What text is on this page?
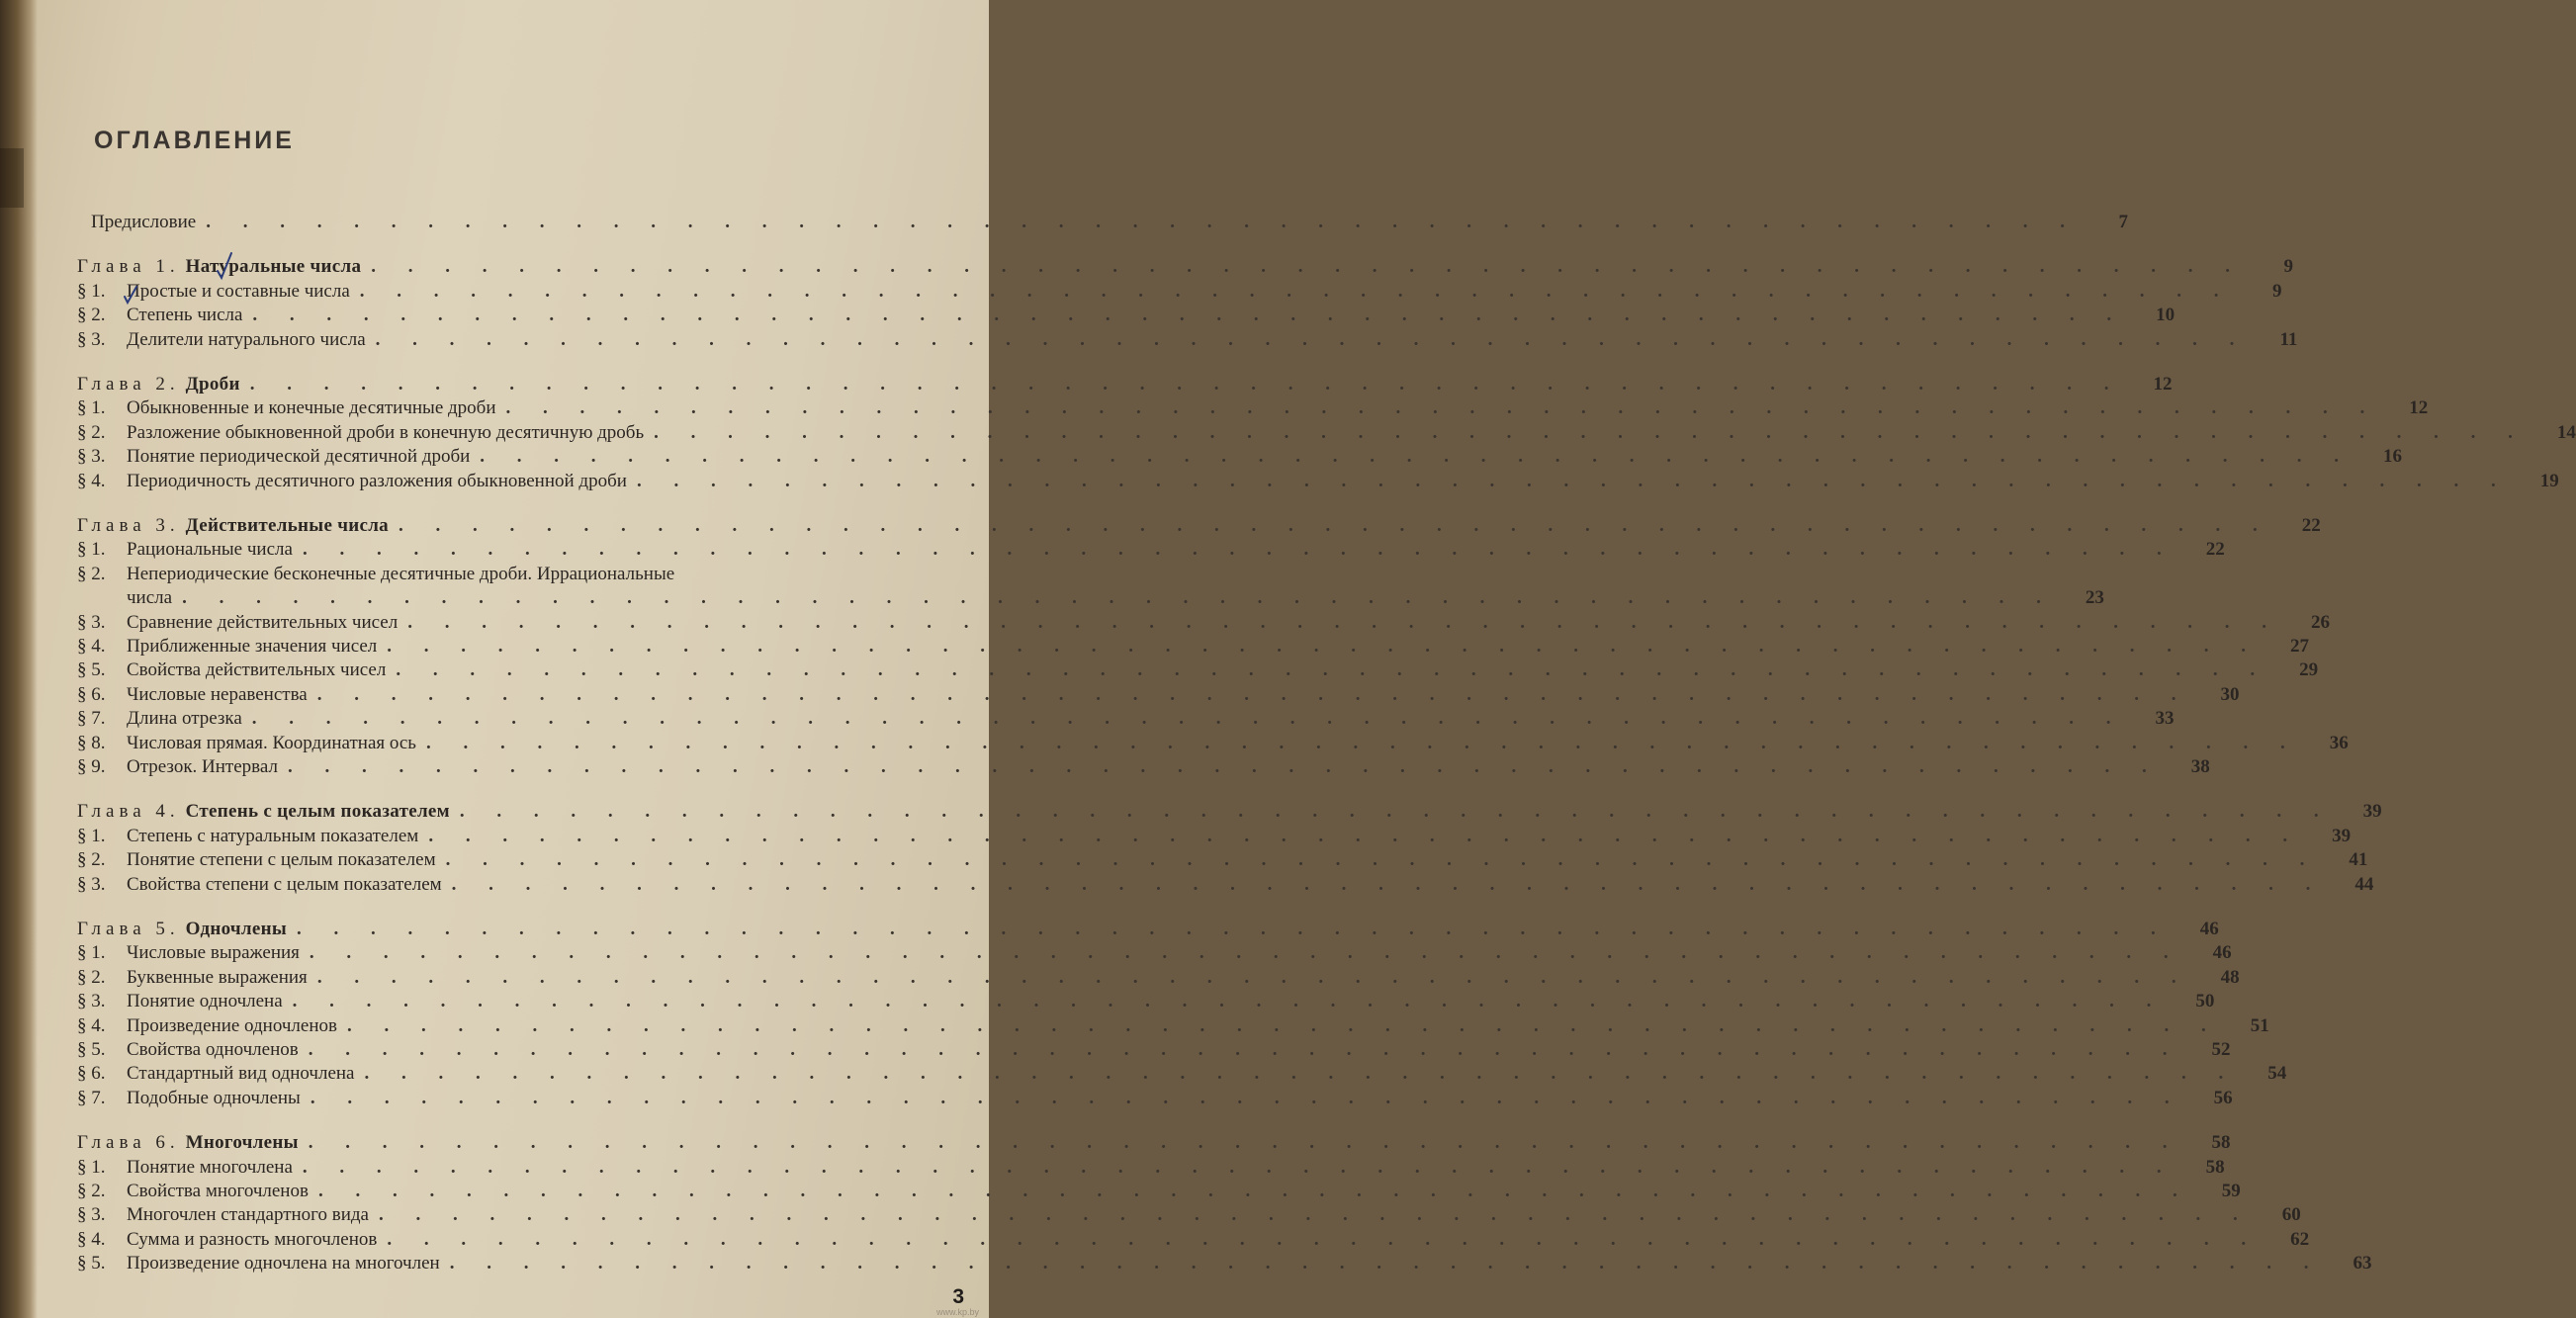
ОГЛАВЛЕНИЕ
Предисловие . . . . . . . . . . . . . . . . . . . . . . . . . . . . . . . . . . . . . . . . . . . . . . . . . . .	7
Глава 1. Натуральные числа . . . . . . . . . . . . . . . . . . . . . . . . . . . . . . . . . . . . . . . . . . . . . . . . . . .	9
§ 1.	Простые и составные числа . . . . . . . . . . . . . . . . . . . . . . . . . . . . . . . . . . . . . . . . . . . . . . . . . . .	9
§ 2.	Степень числа . . . . . . . . . . . . . . . . . . . . . . . . . . . . . . . . . . . . . . . . . . . . . . . . . . .	10
§ 3.	Делители натурального числа . . . . . . . . . . . . . . . . . . . . . . . . . . . . . . . . . . . . . . . . . . . . . . . . . . .	11
Глава 2. Дроби . . . . . . . . . . . . . . . . . . . . . . . . . . . . . . . . . . . . . . . . . . . . . . . . . . .	12
§ 1.	Обыкновенные и конечные десятичные дроби . . . . . . . . . . . . . . . . . . . . . . . . . . . . . . . . . . . . . . . . . . . . . . . . . . .	12
§ 2.	Разложение обыкновенной дроби в конечную десятичную дробь . . . . . . . . . . . . . . . . . . . . . . . . . . . . . . . . . . . . . . . . . . . . . . . . . . .	14
§ 3.	Понятие периодической десятичной дроби . . . . . . . . . . . . . . . . . . . . . . . . . . . . . . . . . . . . . . . . . . . . . . . . . . .	16
§ 4.	Периодичность десятичного разложения обыкновенной дроби . . . . . . . . . . . . . . . . . . . . . . . . . . . . . . . . . . . . . . . . . . . . . . . . . . .	19
Глава 3. Действительные числа . . . . . . . . . . . . . . . . . . . . . . . . . . . . . . . . . . . . . . . . . . . . . . . . . . .	22
§ 1.	Рациональные числа . . . . . . . . . . . . . . . . . . . . . . . . . . . . . . . . . . . . . . . . . . . . . . . . . . .	22
§ 2.	Непериодические бесконечные десятичные дроби. Иррациональные
числа . . . . . . . . . . . . . . . . . . . . . . . . . . . . . . . . . . . . . . . . . . . . . . . . . . .	23
§ 3.	Сравнение действительных чисел . . . . . . . . . . . . . . . . . . . . . . . . . . . . . . . . . . . . . . . . . . . . . . . . . . .	26
§ 4.	Приближенные значения чисел . . . . . . . . . . . . . . . . . . . . . . . . . . . . . . . . . . . . . . . . . . . . . . . . . . .	27
§ 5.	Свойства действительных чисел . . . . . . . . . . . . . . . . . . . . . . . . . . . . . . . . . . . . . . . . . . . . . . . . . . .	29
§ 6.	Числовые неравенства . . . . . . . . . . . . . . . . . . . . . . . . . . . . . . . . . . . . . . . . . . . . . . . . . . .	30
§ 7.	Длина отрезка . . . . . . . . . . . . . . . . . . . . . . . . . . . . . . . . . . . . . . . . . . . . . . . . . . .	33
§ 8.	Числовая прямая. Координатная ось . . . . . . . . . . . . . . . . . . . . . . . . . . . . . . . . . . . . . . . . . . . . . . . . . . .	36
§ 9.	Отрезок. Интервал . . . . . . . . . . . . . . . . . . . . . . . . . . . . . . . . . . . . . . . . . . . . . . . . . . .	38
Глава 4. Степень с целым показателем . . . . . . . . . . . . . . . . . . . . . . . . . . . . . . . . . . . . . . . . . . . . . . . . . . .	39
§ 1.	Степень с натуральным показателем . . . . . . . . . . . . . . . . . . . . . . . . . . . . . . . . . . . . . . . . . . . . . . . . . . .	39
§ 2.	Понятие степени с целым показателем . . . . . . . . . . . . . . . . . . . . . . . . . . . . . . . . . . . . . . . . . . . . . . . . . . .	41
§ 3.	Свойства степени с целым показателем . . . . . . . . . . . . . . . . . . . . . . . . . . . . . . . . . . . . . . . . . . . . . . . . . . .	44
Глава 5. Одночлены . . . . . . . . . . . . . . . . . . . . . . . . . . . . . . . . . . . . . . . . . . . . . . . . . . .	46
§ 1.	Числовые выражения . . . . . . . . . . . . . . . . . . . . . . . . . . . . . . . . . . . . . . . . . . . . . . . . . . .	46
§ 2.	Буквенные выражения . . . . . . . . . . . . . . . . . . . . . . . . . . . . . . . . . . . . . . . . . . . . . . . . . . .	48
§ 3.	Понятие одночлена . . . . . . . . . . . . . . . . . . . . . . . . . . . . . . . . . . . . . . . . . . . . . . . . . . .	50
§ 4.	Произведение одночленов . . . . . . . . . . . . . . . . . . . . . . . . . . . . . . . . . . . . . . . . . . . . . . . . . . .	51
§ 5.	Свойства одночленов . . . . . . . . . . . . . . . . . . . . . . . . . . . . . . . . . . . . . . . . . . . . . . . . . . .	52
§ 6.	Стандартный вид одночлена . . . . . . . . . . . . . . . . . . . . . . . . . . . . . . . . . . . . . . . . . . . . . . . . . . .	54
§ 7.	Подобные одночлены . . . . . . . . . . . . . . . . . . . . . . . . . . . . . . . . . . . . . . . . . . . . . . . . . . .	56
Глава 6. Многочлены . . . . . . . . . . . . . . . . . . . . . . . . . . . . . . . . . . . . . . . . . . . . . . . . . . .	58
§ 1.	Понятие многочлена . . . . . . . . . . . . . . . . . . . . . . . . . . . . . . . . . . . . . . . . . . . . . . . . . . .	58
§ 2.	Свойства многочленов . . . . . . . . . . . . . . . . . . . . . . . . . . . . . . . . . . . . . . . . . . . . . . . . . . .	59
§ 3.	Многочлен стандартного вида . . . . . . . . . . . . . . . . . . . . . . . . . . . . . . . . . . . . . . . . . . . . . . . . . . .	60
§ 4.	Сумма и разность многочленов . . . . . . . . . . . . . . . . . . . . . . . . . . . . . . . . . . . . . . . . . . . . . . . . . . .	62
§ 5.	Произведение одночлена на многочлен . . . . . . . . . . . . . . . . . . . . . . . . . . . . . . . . . . . . . . . . . . . . . . . . . . .	63
3
www.kp.by
